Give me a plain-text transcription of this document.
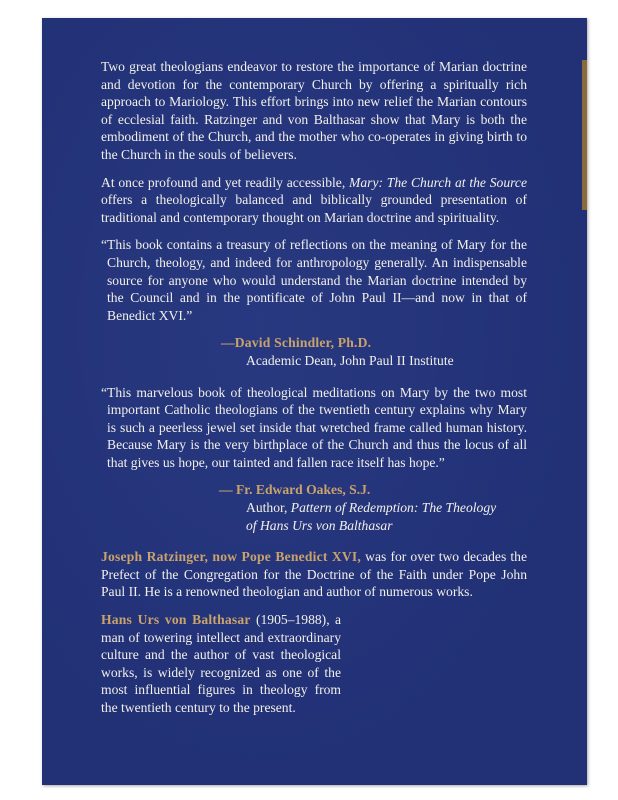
Two great theologians endeavor to restore the importance of Marian doctrine and devotion for the contemporary Church by offering a spiritually rich approach to Mariology. This effort brings into new relief the Marian contours of ecclesial faith. Ratzinger and von Balthasar show that Mary is both the embodiment of the Church, and the mother who co-operates in giving birth to the Church in the souls of believers.

At once profound and yet readily accessible, Mary: The Church at the Source offers a theologically balanced and biblically grounded presentation of traditional and contemporary thought on Marian doctrine and spirituality.

“This book contains a treasury of reflections on the meaning of Mary for the Church, theology, and indeed for anthropology generally. An indispensable source for anyone who would understand the Marian doctrine intended by the Council and in the pontificate of John Paul II—and now in that of Benedict XVI.”

—David Schindler, Ph.D.
Academic Dean, John Paul II Institute

“This marvelous book of theological meditations on Mary by the two most important Catholic theologians of the twentieth century explains why Mary is such a peerless jewel set inside that wretched frame called human history. Because Mary is the very birthplace of the Church and thus the locus of all that gives us hope, our tainted and fallen race itself has hope.”

— Fr. Edward Oakes, S.J.
Author, Pattern of Redemption: The Theology
of Hans Urs von Balthasar

Joseph Ratzinger, now Pope Benedict XVI, was for over two decades the Prefect of the Congregation for the Doctrine of the Faith under Pope John Paul II. He is a renowned theologian and author of numerous works.

Hans Urs von Balthasar (1905–1988), a man of towering intellect and extraordinary culture and the author of vast theological works, is widely recognized as one of the most influential figures in theology from the twentieth century to the present.
